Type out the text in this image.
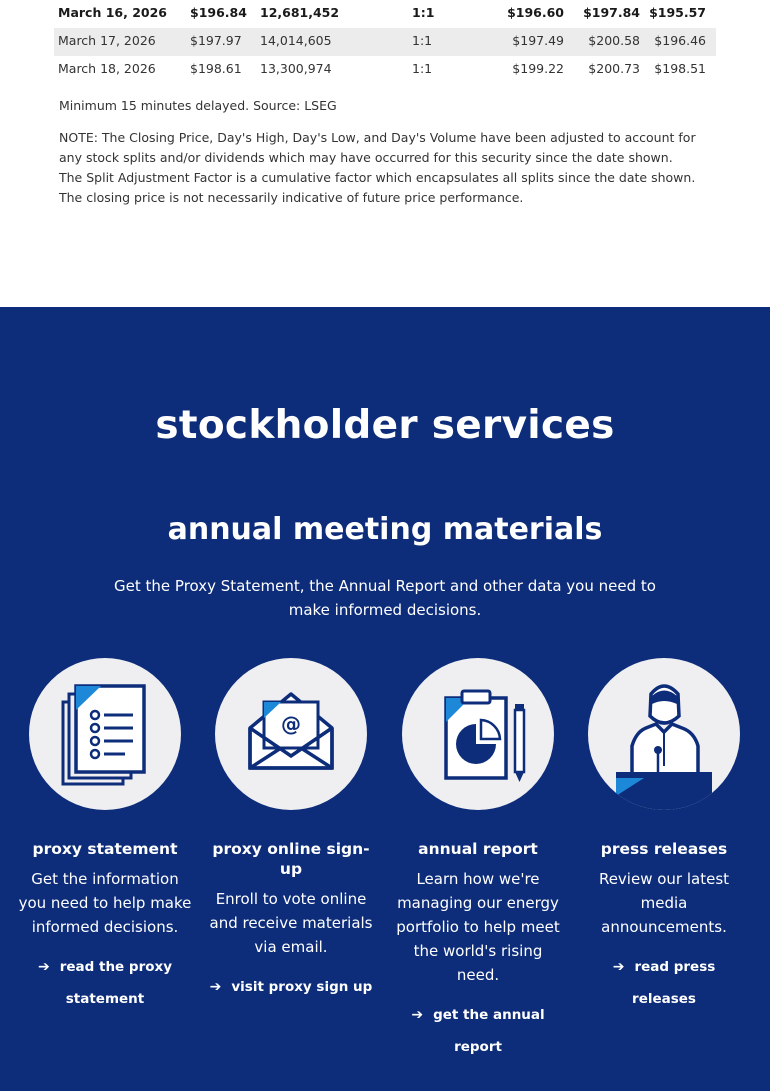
March 16, 2026 $196.84 12,681,452	1:1	$196.60	$197.84 $195.57
March 17, 2026	$197.97 14,014,605	1:1	$197.49	$200.58	$196.46
March 18, 2026	$198.61 13,300,974	1:1	$199.22	$200.73	$198.51

Minimum 15 minutes delayed. Source: LSEG

NOTE: The Closing Price, Day's High, Day's Low, and Day's Volume have been adjusted to account for any stock splits and/or dividends which may have occurred for this security since the date shown. The Split Adjustment Factor is a cumulative factor which encapsulates all splits since the date shown. The closing price is not necessarily indicative of future price performance.

stockholder services
annual meeting materials

Get the Proxy Statement, the Annual Report and other data you need to make informed decisions.

proxy statement
Get the information you need to help make informed decisions.
➔ read the proxy statement
@
proxy online sign-up
Enroll to vote online and receive materials via email.
➔ visit proxy sign up
annual report
Learn how we're managing our energy portfolio to help meet the world's rising need.
➔ get the annual report
press releases
Review our latest media announcements.
➔ read press releases
